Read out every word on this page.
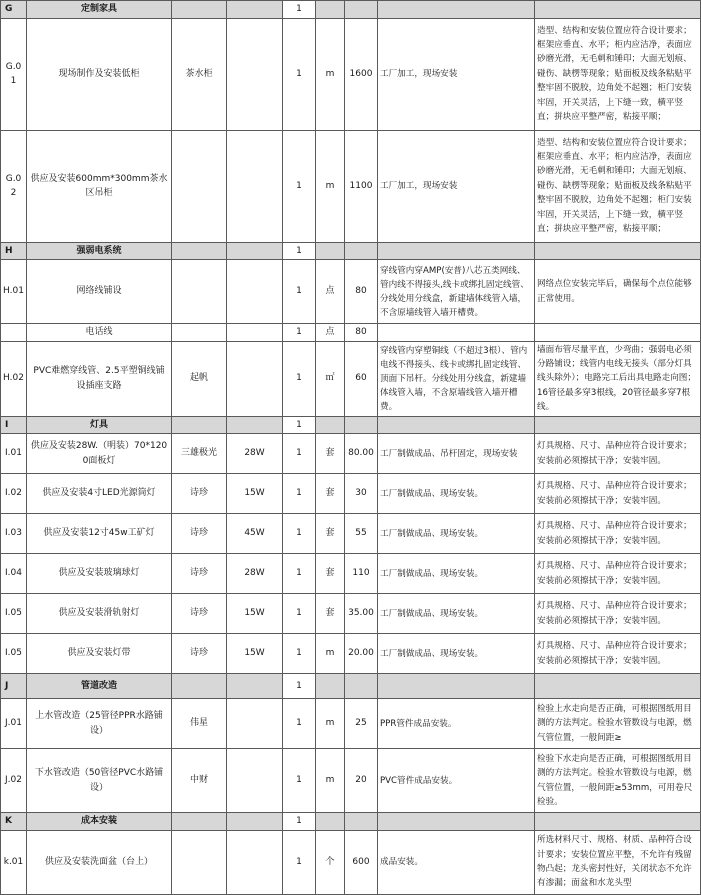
G	定制家具			1				
G.01	现场制作及安装低柜	茶水柜		1	m	1600	工厂加工，现场安装	造型、结构和安装位置应符合设计要求；框架应垂直、水平；柜内应洁净，表面应砂磨光滑，无毛刺和锤印；大面无划痕、碰伤、缺楞等现象；贴面板及线条粘贴平整牢固不脱胶，边角处不起翘；柜门安装牢固，开关灵活，上下缝一致，横平竖直；拼块应平整严密，粘接平顺；
G.02	供应及安装600mm*300mm茶水区吊柜			1	m	1100	工厂加工，现场安装	造型、结构和安装位置应符合设计要求；框架应垂直、水平；柜内应洁净，表面应砂磨光滑，无毛刺和锤印；大面无划痕、碰伤、缺楞等现象；贴面板及线条粘贴平整牢固不脱胶，边角处不起翘；柜门安装牢固，开关灵活，上下缝一致，横平竖直；拼块应平整严密，粘接平顺；
H	强弱电系统			1				
H.01	网络线铺设			1	点	80	穿线管内穿AMP(安普)八芯五类网线、管内线不得接头,线卡或绑扎固定线管、分线处用分线盒，新建墙体线管入墙，不含原墙线管入墙开槽费。	网络点位安装完毕后，确保每个点位能够正常使用。
	电话线			1	点	80		
H.02	PVC难燃穿线管、2.5平塑铜线铺设插座支路	起帆		1	㎡	60	穿线管内穿塑铜线（不超过3根）、管内电线不得接头、线卡或绑扎固定线管、顶面下吊杆。分线处用分线盒，新建墙体线管入墙，不含原墙线管入墙开槽费。	墙面布管尽量平直，少弯曲；强弱电必须分路铺设；线管内电线无接头（部分灯具线头除外）；电路完工后出具电路走向图；16管径最多穿3根线，20管径最多穿7根线。
I	灯具			1				
I.01	供应及安装28W.（明装）70*1200面板灯	三雄极光	28W	1	套	80.00	工厂制做成品、吊杆固定，现场安装	灯具规格、尺寸、品种应符合设计要求；安装前必须擦拭干净；安装牢固。
I.02	供应及安装4寸LED光源筒灯	诗珍	15W	1	套	30	工厂制做成品、现场安装。	灯具规格、尺寸、品种应符合设计要求；安装前必须擦拭干净；安装牢固。
I.03	供应及安装12寸45w工矿灯	诗珍	45W	1	套	55	工厂制做成品、现场安装。	灯具规格、尺寸、品种应符合设计要求；安装前必须擦拭干净；安装牢固。
I.04	供应及安装玻璃球灯	诗珍	28W	1	套	110	工厂制做成品、现场安装。	灯具规格、尺寸、品种应符合设计要求；安装前必须擦拭干净；安装牢固。
I.05	供应及安装滑轨射灯	诗珍	15W	1	套	35.00	工厂制做成品、现场安装。	灯具规格、尺寸、品种应符合设计要求；安装前必须擦拭干净；安装牢固。
I.05	供应及安装灯带	诗珍	15W	1	m	20.00	工厂制做成品、现场安装。	灯具规格、尺寸、品种应符合设计要求；安装前必须擦拭干净；安装牢固。
J	管道改造			1				
J.01	上水管改造（25管径PPR水路铺设）	伟星		1	m	25	PPR管件成品安装。	检验上水走向是否正确，可根据图纸用目测的方法判定。检验水管数设与电源，燃气管位置，一般间距≥
J.02	下水管改造（50管径PVC水路铺设）	中财		1	m	20	PVC管件成品安装。	检验下水走向是否正确，可根据图纸用目测的方法判定。检验水管数设与电源，燃气管位置，一般间距≥53mm，可用卷尺检验。
K	成本安装			1				
k.01	供应及安装洗面盆（台上）			1	个	600	成品安装。	所选材料尺寸、规格、材质、品种符合设计要求；安装位置应平整，不允许有残留物凸起；龙头密封性好，关闭状态不允许有渗漏；面盆和水龙头型
